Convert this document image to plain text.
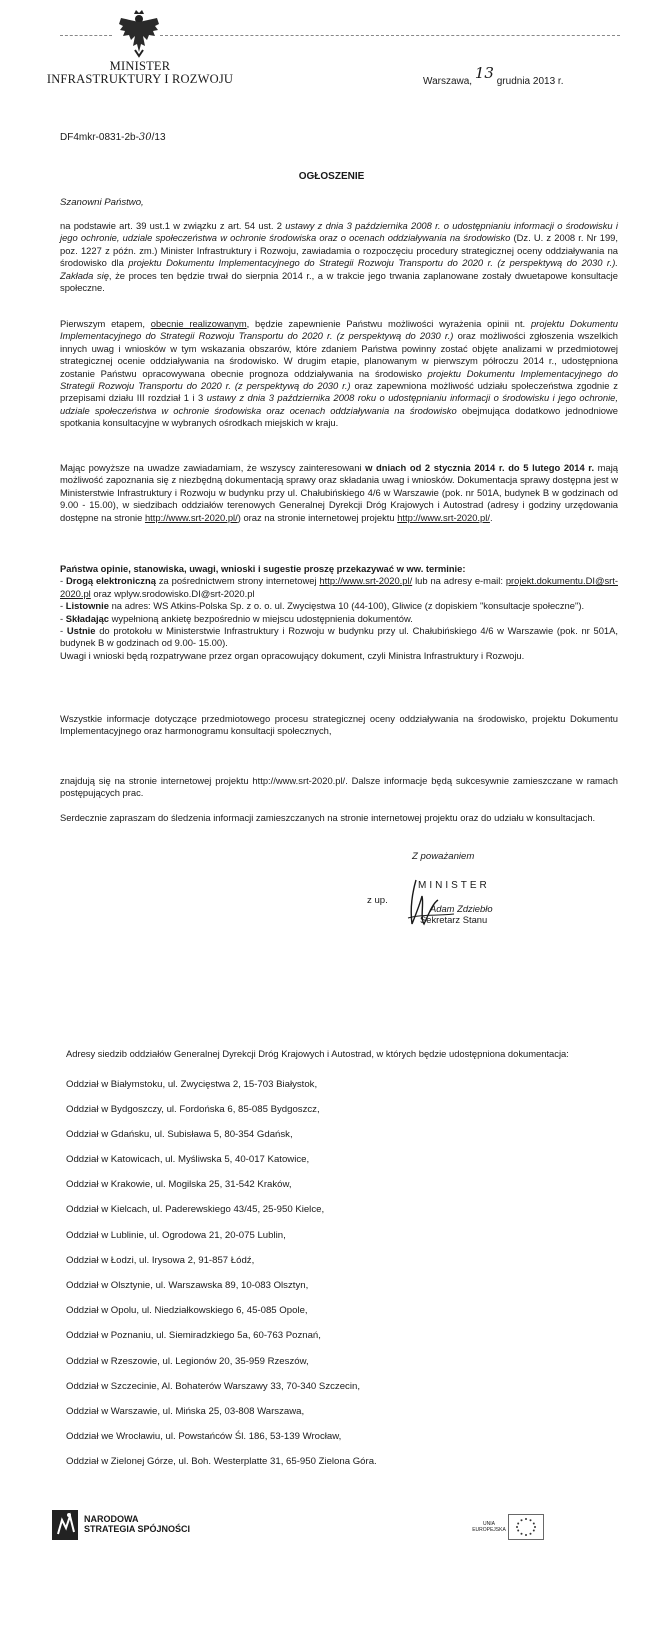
MINISTER
INFRASTRUKTURY I ROZWOJU	Warszawa, 13 grudnia 2013 r.
DF4mkr-0831-2b-30/13
OGŁOSZENIE
Szanowni Państwo,
na podstawie art. 39 ust.1 w związku z art. 54 ust. 2 ustawy z dnia 3 października 2008 r. o udostępnianiu informacji o środowisku i jego ochronie, udziale społeczeństwa w ochronie środowiska oraz o ocenach oddziaływania na środowisko (Dz. U. z 2008 r. Nr 199, poz. 1227 z późn. zm.) Minister Infrastruktury i Rozwoju, zawiadamia o rozpoczęciu procedury strategicznej oceny oddziaływania na środowisko dla projektu Dokumentu Implementacyjnego do Strategii Rozwoju Transportu do 2020 r. (z perspektywą do 2030 r.). Zakłada się, że proces ten będzie trwał do sierpnia 2014 r., a w trakcie jego trwania zaplanowane zostały dwuetapowe konsultacje społeczne.
Pierwszym etapem, obecnie realizowanym, będzie zapewnienie Państwu możliwości wyrażenia opinii nt. projektu Dokumentu Implementacyjnego do Strategii Rozwoju Transportu do 2020 r. (z perspektywą do 2030 r.) oraz możliwości zgłoszenia wszelkich innych uwag i wniosków w tym wskazania obszarów, które zdaniem Państwa powinny zostać objęte analizami w przedmiotowej strategicznej ocenie oddziaływania na środowisko. W drugim etapie, planowanym w pierwszym półroczu 2014 r., udostępniona zostanie Państwu opracowywana obecnie prognoza oddziaływania na środowisko projektu Dokumentu Implementacyjnego do Strategii Rozwoju Transportu do 2020 r. (z perspektywą do 2030 r.) oraz zapewniona możliwość udziału społeczeństwa zgodnie z przepisami działu III rozdział 1 i 3 ustawy z dnia 3 października 2008 roku o udostępnianiu informacji o środowisku i jego ochronie, udziale społeczeństwa w ochronie środowiska oraz ocenach oddziaływania na środowisko obejmująca dodatkowo jednodniowe spotkania konsultacyjne w wybranych ośrodkach miejskich w kraju.
Mając powyższe na uwadze zawiadamiam, że wszyscy zainteresowani w dniach od 2 stycznia 2014 r. do 5 lutego 2014 r. mają możliwość zapoznania się z niezbędną dokumentacją sprawy oraz składania uwag i wniosków. Dokumentacja sprawy dostępna jest w Ministerstwie Infrastruktury i Rozwoju w budynku przy ul. Chałubińskiego 4/6 w Warszawie (pok. nr 501A, budynek B w godzinach od 9.00 - 15.00), w siedzibach oddziałów terenowych Generalnej Dyrekcji Dróg Krajowych i Autostrad (adresy i godziny urzędowania dostępne na stronie http://www.srt-2020.pl/) oraz na stronie internetowej projektu http://www.srt-2020.pl/.
Państwa opinie, stanowiska, uwagi, wnioski i sugestie proszę przekazywać w ww. terminie:
- Drogą elektroniczną za pośrednictwem strony internetowej http://www.srt-2020.pl/ lub na adresy e-mail: projekt.dokumentu.DI@srt-2020.pl oraz wplyw.srodowisko.DI@srt-2020.pl
- Listownie na adres: WS Atkins-Polska Sp. z o. o. ul. Zwycięstwa 10 (44-100), Gliwice (z dopiskiem "konsultacje społeczne").
- Składając wypełnioną ankietę bezpośrednio w miejscu udostępnienia dokumentów.
- Ustnie do protokołu w Ministerstwie Infrastruktury i Rozwoju w budynku przy ul. Chałubińskiego 4/6 w Warszawie (pok. nr 501A, budynek B w godzinach od 9.00- 15.00).
Uwagi i wnioski będą rozpatrywane przez organ opracowujący dokument, czyli Ministra Infrastruktury i Rozwoju.
Wszystkie informacje dotyczące przedmiotowego procesu strategicznej oceny oddziaływania na środowisko, projektu Dokumentu Implementacyjnego oraz harmonogramu konsultacji społecznych,
znajdują się na stronie internetowej projektu http://www.srt-2020.pl/. Dalsze informacje będą sukcesywnie zamieszczane w ramach postępujących prac.
Serdecznie zapraszam do śledzenia informacji zamieszczanych na stronie internetowej projektu oraz do udziału w konsultacjach.
Z poważaniem
MINISTER
z up.
Adam Zdziebło
Sekretarz Stanu
Adresy siedzib oddziałów Generalnej Dyrekcji Dróg Krajowych i Autostrad, w których będzie udostępniona dokumentacja:
Oddział w Białymstoku, ul. Zwycięstwa 2, 15-703 Białystok,
Oddział w Bydgoszczy, ul. Fordońska 6, 85-085 Bydgoszcz,
Oddział w Gdańsku, ul. Subisława 5, 80-354 Gdańsk,
Oddział w Katowicach, ul. Myśliwska 5, 40-017 Katowice,
Oddział w Krakowie, ul. Mogilska 25, 31-542 Kraków,
Oddział w Kielcach, ul. Paderewskiego 43/45, 25-950 Kielce,
Oddział w Lublinie, ul. Ogrodowa 21, 20-075 Lublin,
Oddział w Łodzi, ul. Irysowa 2, 91-857 Łódź,
Oddział w Olsztynie, ul. Warszawska 89, 10-083 Olsztyn,
Oddział w Opolu, ul. Niedziałkowskiego 6, 45-085 Opole,
Oddział w Poznaniu, ul. Siemiradzkiego 5a, 60-763 Poznań,
Oddział w Rzeszowie, ul. Legionów 20, 35-959 Rzeszów,
Oddział w Szczecinie, Al. Bohaterów Warszawy 33, 70-340 Szczecin,
Oddział w Warszawie, ul. Mińska 25, 03-808 Warszawa,
Oddział we Wrocławiu, ul. Powstańców Śl. 186, 53-139 Wrocław,
Oddział w Zielonej Górze, ul. Boh. Westerplatte 31, 65-950 Zielona Góra.
NARODOWA
STRATEGIA SPÓJNOŚCI	UNIA
EUROPEJSKA
